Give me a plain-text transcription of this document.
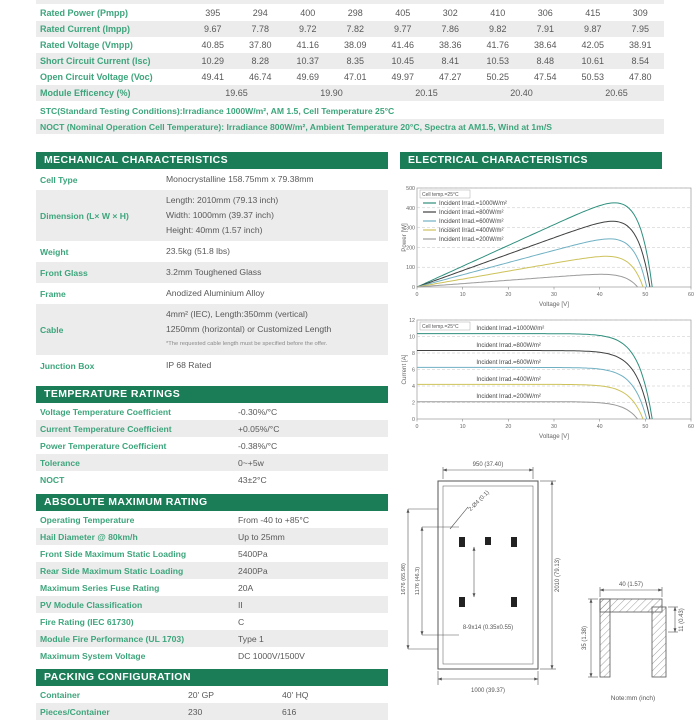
Rated Power (Pmpp)	395	294	400	298	405	302	410	306	415	309
Rated Current (Impp)	9.67	7.78	9.72	7.82	9.77	7.86	9.82	7.91	9.87	7.95
Rated Voltage (Vmpp)	40.85	37.80	41.16	38.09	41.46	38.36	41.76	38.64	42.05	38.91
Short Circuit Current (Isc)	10.29	8.28	10.37	8.35	10.45	8.41	10.53	8.48	10.61	8.54
Open Circuit Voltage (Voc)	49.41	46.74	49.69	47.01	49.97	47.27	50.25	47.54	50.53	47.80
Module Efficency (%)	19.65	19.90	20.15	20.40	20.65
STC(Standard Testing Conditions):Irradiance 1000W/m², AM 1.5, Cell Temperature 25°C
NOCT (Nominal Operation Cell Temperature): Irradiance 800W/m², Ambient Temperature 20°C, Spectra at AM1.5, Wind at 1m/S
MECHANICAL CHARACTERISTICS
Cell Type	Monocrystalline 158.75mm x 79.38mm
Dimension (L× W × H)
Length: 2010mm (79.13 inch)
Width: 1000mm (39.37 inch)
Height: 40mm (1.57 inch)
Weight	23.5kg (51.8 lbs)
Front Glass	3.2mm Toughened Glass
Frame	Anodized Aluminium Alloy
Cable
4mm² (IEC), Length:350mm (vertical)
1250mm (horizontal) or Customized Length
*The requested cable length must be specified before the offer.
Junction Box	IP 68 Rated
TEMPERATURE RATINGS
Voltage Temperature Coefficient	-0.30%/°C
Current Temperature Coefficient	+0.05%/°C
Power Temperature Coefficient	-0.38%/°C
Tolerance	0~+5w
NOCT	43±2°C
ABSOLUTE MAXIMUM RATING
Operating Temperature	From -40 to +85°C
Hail Diameter @ 80km/h	Up to 25mm
Front Side Maximum Static Loading	5400Pa
Rear Side Maximum Static Loading	2400Pa
Maximum Series Fuse Rating	20A
PV Module Classification	II
Fire Rating (IEC 61730)	C
Module Fire Performance (UL 1703)	Type 1
Maximum System Voltage	DC 1000V/1500V
PACKING CONFIGURATION
Container	20' GP	40' HQ
Pieces/Container	230	616
ELECTRICAL CHARACTERISTICS
0
100
200
300
400
500
0	10	20	30	40	50	60
Voltage [V]
Power [W]
Cell temp.=25°C
Incident Irrad.=1000W/m²
Incident Irrad.=800W/m²
Incident Irrad.=600W/m²
Incident Irrad.=400W/m²
Incident Irrad.=200W/m²
0
2
4
6
8
10
12
0	10	20	30	40	50	60
Voltage [V]
Current [A]
Cell temp.=25°C	Incident Irrad.=1000W/m²
Incident Irrad.=800W/m²
Incident Irrad.=600W/m²
Incident Irrad.=400W/m²
Incident Irrad.=200W/m²
950 (37.40)
1000 (39.37)
2010 (79.13)
1676 (65.98) 1176 (46.3)
2-Ø4 (0.1)
8-9x14 (0.35x0.55)
40 (1.57)
35 (1.38)
11 (0.43)
Note:mm (inch)
